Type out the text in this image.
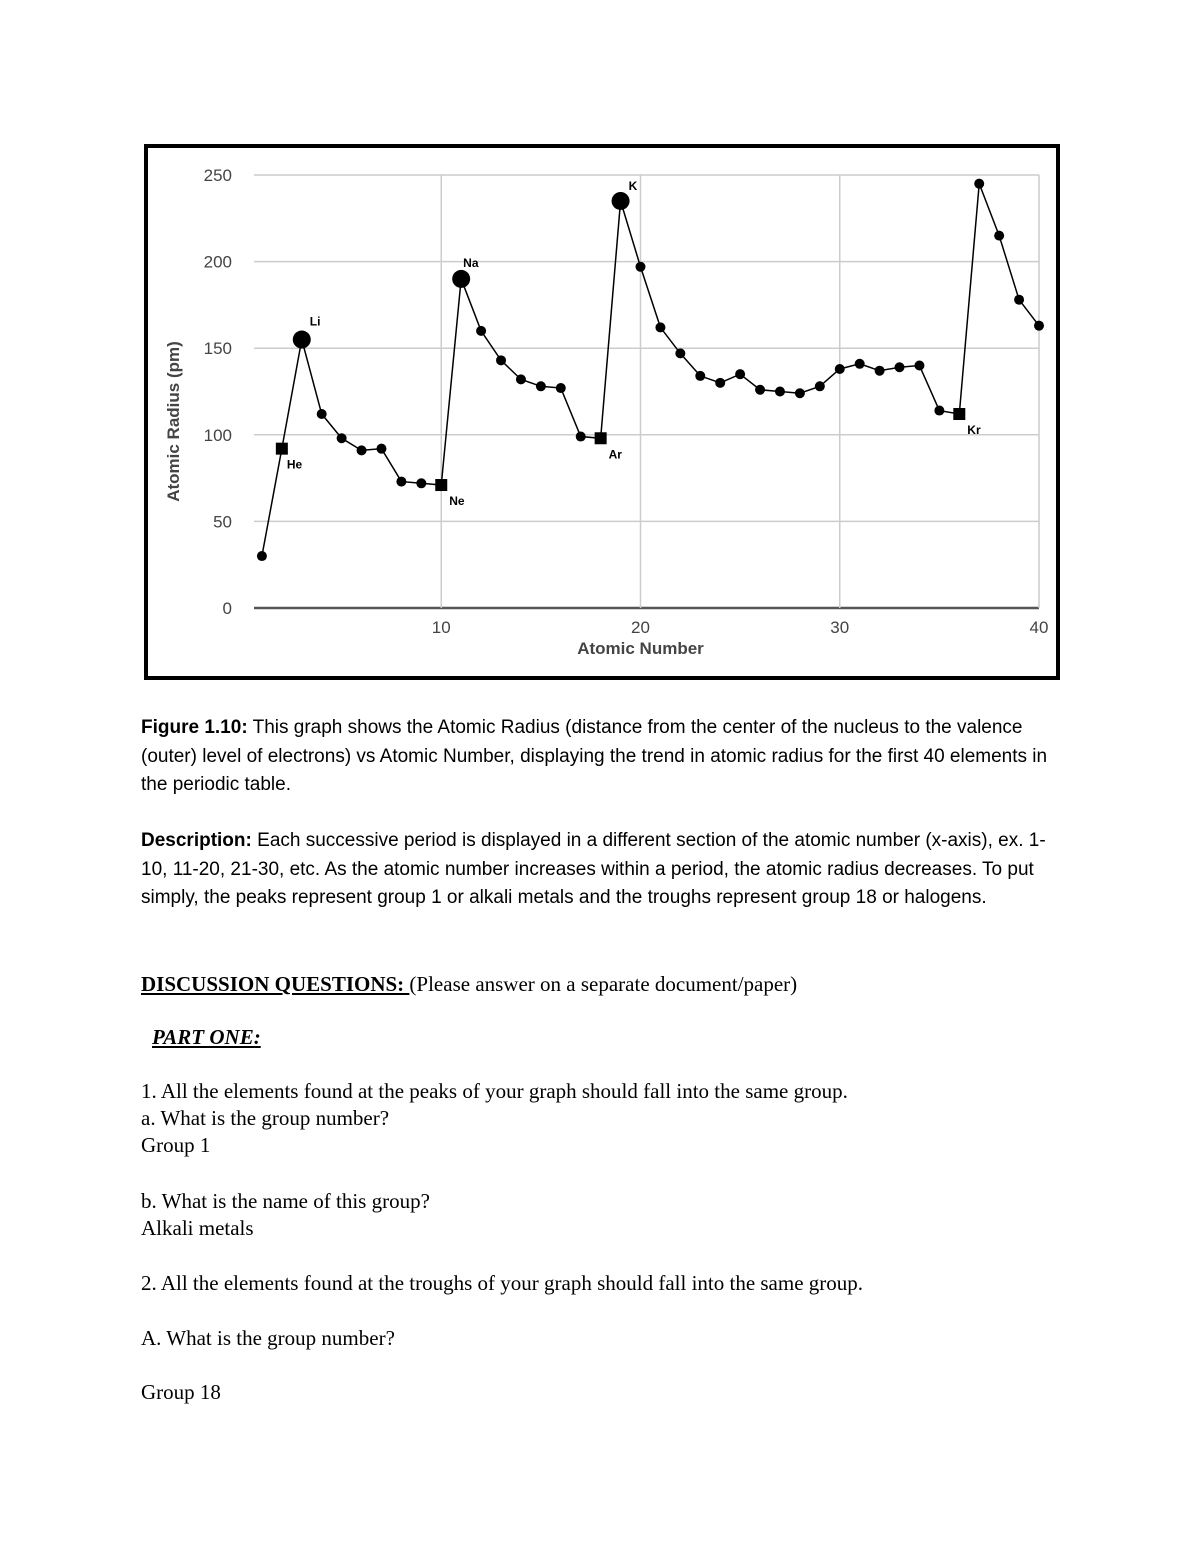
0
50
100
150
200
250
10	20	30	40
Atomic Number
Atomic Radius (pm)	He
Li
Ne
Na
Ar
K
Kr

Figure 1.10: This graph shows the Atomic Radius (distance from the center of the nucleus to the valence (outer) level of electrons) vs Atomic Number, displaying the trend in atomic radius for the first 40 elements in the periodic table.

Description: Each successive period is displayed in a different section of the atomic number (x-axis), ex. 1-10, 11-20, 21-30, etc. As the atomic number increases within a period, the atomic radius decreases. To put simply, the peaks represent group 1 or alkali metals and the troughs represent group 18 or halogens.

DISCUSSION QUESTIONS: (Please answer on a separate document/paper)

PART ONE:

1. All the elements found at the peaks of your graph should fall into the same group.
a. What is the group number?
Group 1
b. What is the name of this group?
Alkali metals
2. All the elements found at the troughs of your graph should fall into the same group.
A. What is the group number?
Group 18
